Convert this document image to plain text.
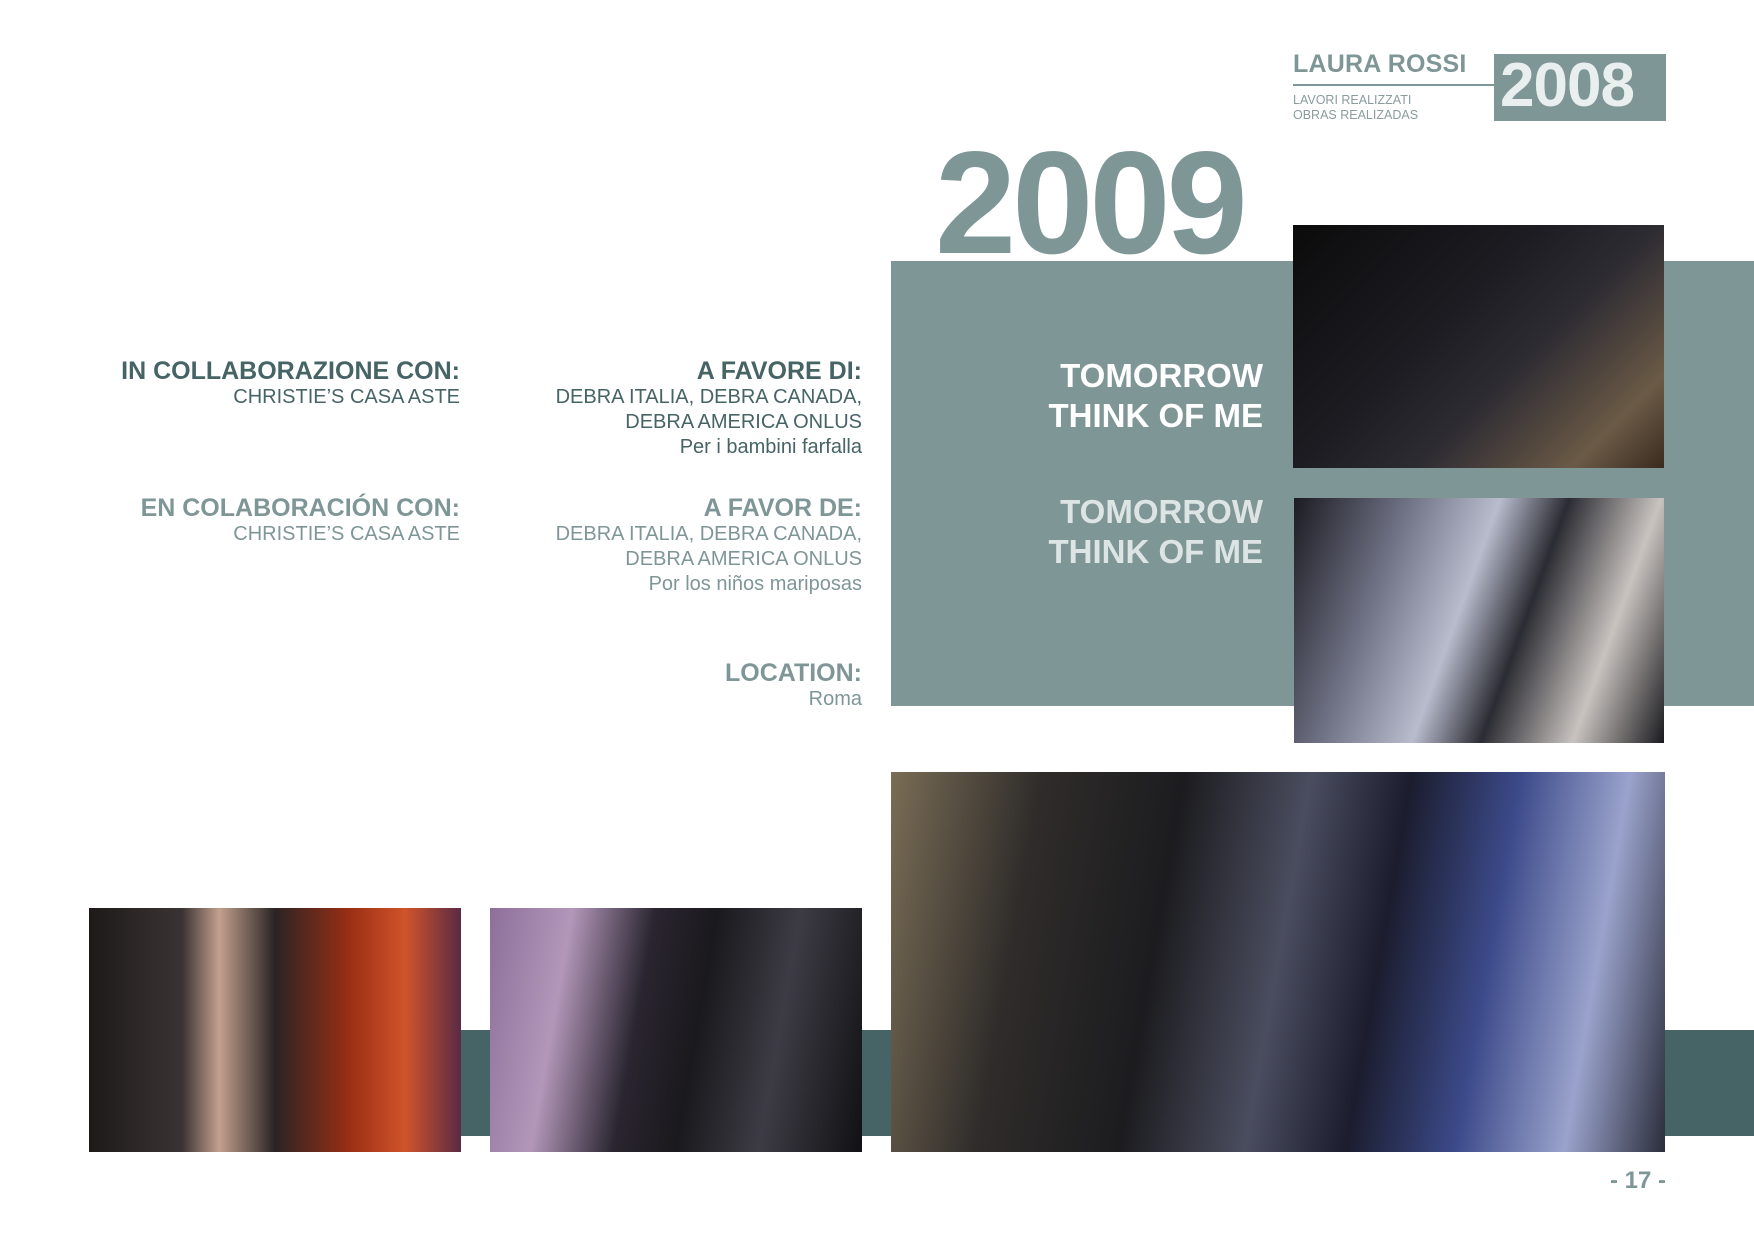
LAURA ROSSI
LAVORI REALIZZATI
OBRAS REALIZADAS 2008
2009
TOMORROW
THINK OF ME
TOMORROW
THINK OF ME
IN COLLABORAZIONE CON:
CHRISTIE’S CASA ASTE
EN COLABORACIÓN CON:
CHRISTIE’S CASA ASTE
A FAVORE DI:
DEBRA ITALIA, DEBRA CANADA,
DEBRA AMERICA ONLUS
Per i bambini farfalla
A FAVOR DE:
DEBRA ITALIA, DEBRA CANADA,
DEBRA AMERICA ONLUS
Por los niños mariposas
LOCATION:
Roma
- 17 -
